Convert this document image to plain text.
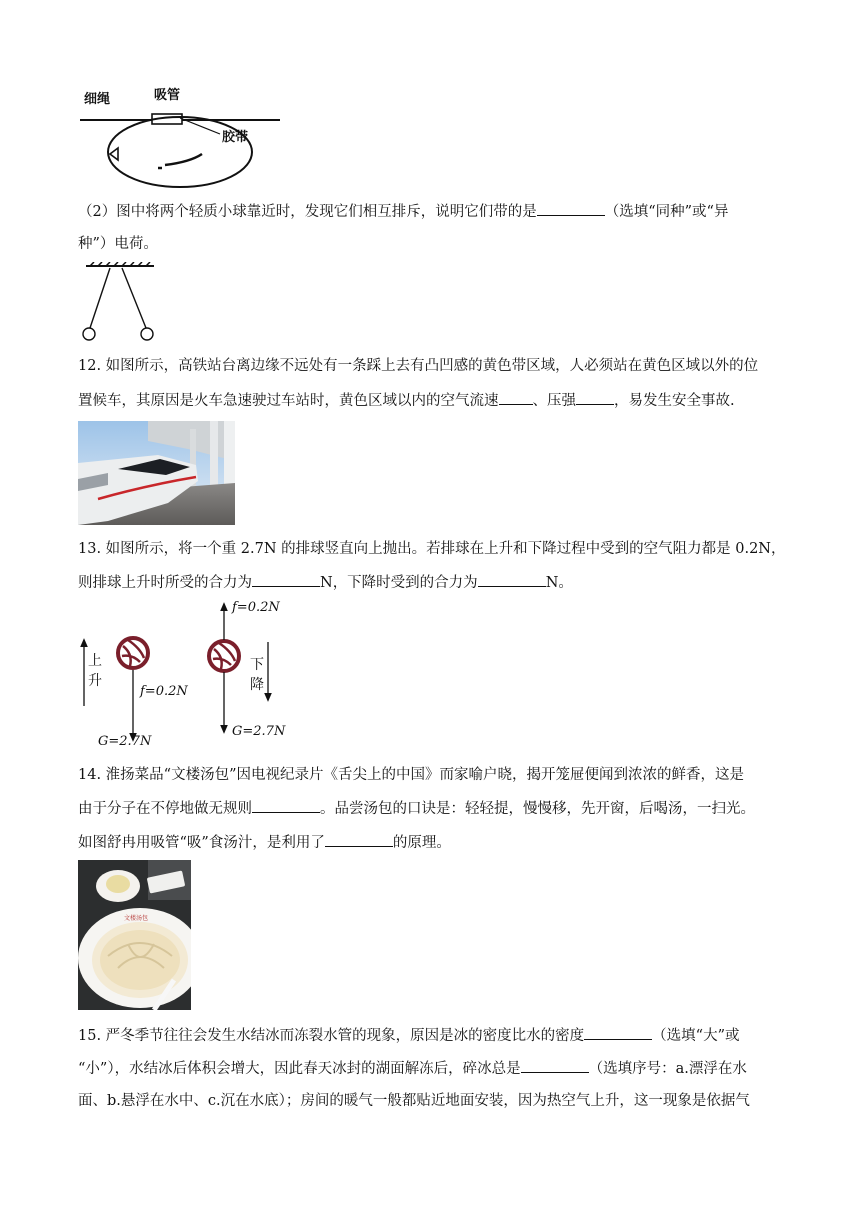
细绳	吸管
胶带
（2）图中将两个轻质小球靠近时，发现它们相互排斥，说明它们带的是	（选填“同种”或“异
种”）电荷。
12. 如图所示，高铁站台离边缘不远处有一条踩上去有凸凹感的黄色带区域，人必须站在黄色区域以外的位
置候车，其原因是火车急速驶过车站时，黄色区域以内的空气流速 、压强	，易发生安全事故.
13. 如图所示，将一个重 2.7N 的排球竖直向上抛出。若排球在上升和下降过程中受到的空气阻力都是 0.2N，
则排球上升时所受的合力为	N，下降时受到的合力为	N。
上
升
下
降
f=0.2N
G=2.7N
f=0.2N
G=2.7N
14. 淮扬菜品“文楼汤包”因电视纪录片《舌尖上的中国》而家喻户晓，揭开笼屉便闻到浓浓的鲜香，这是
由于分子在不停地做无规则	。品尝汤包的口诀是：轻轻提，慢慢移，先开窗，后喝汤，一扫光。
如图舒冉用吸管“吸”食汤汁，是利用了	的原理。
文楼汤包
15. 严冬季节往往会发生水结冰而冻裂水管的现象，原因是冰的密度比水的密度	（选填“大”或
“小”），水结冰后体积会增大，因此春天冰封的湖面解冻后，碎冰总是	（选填序号：a.漂浮在水
面、b.悬浮在水中、c.沉在水底）；房间的暖气一般都贴近地面安装，因为热空气上升，这一现象是依据气
